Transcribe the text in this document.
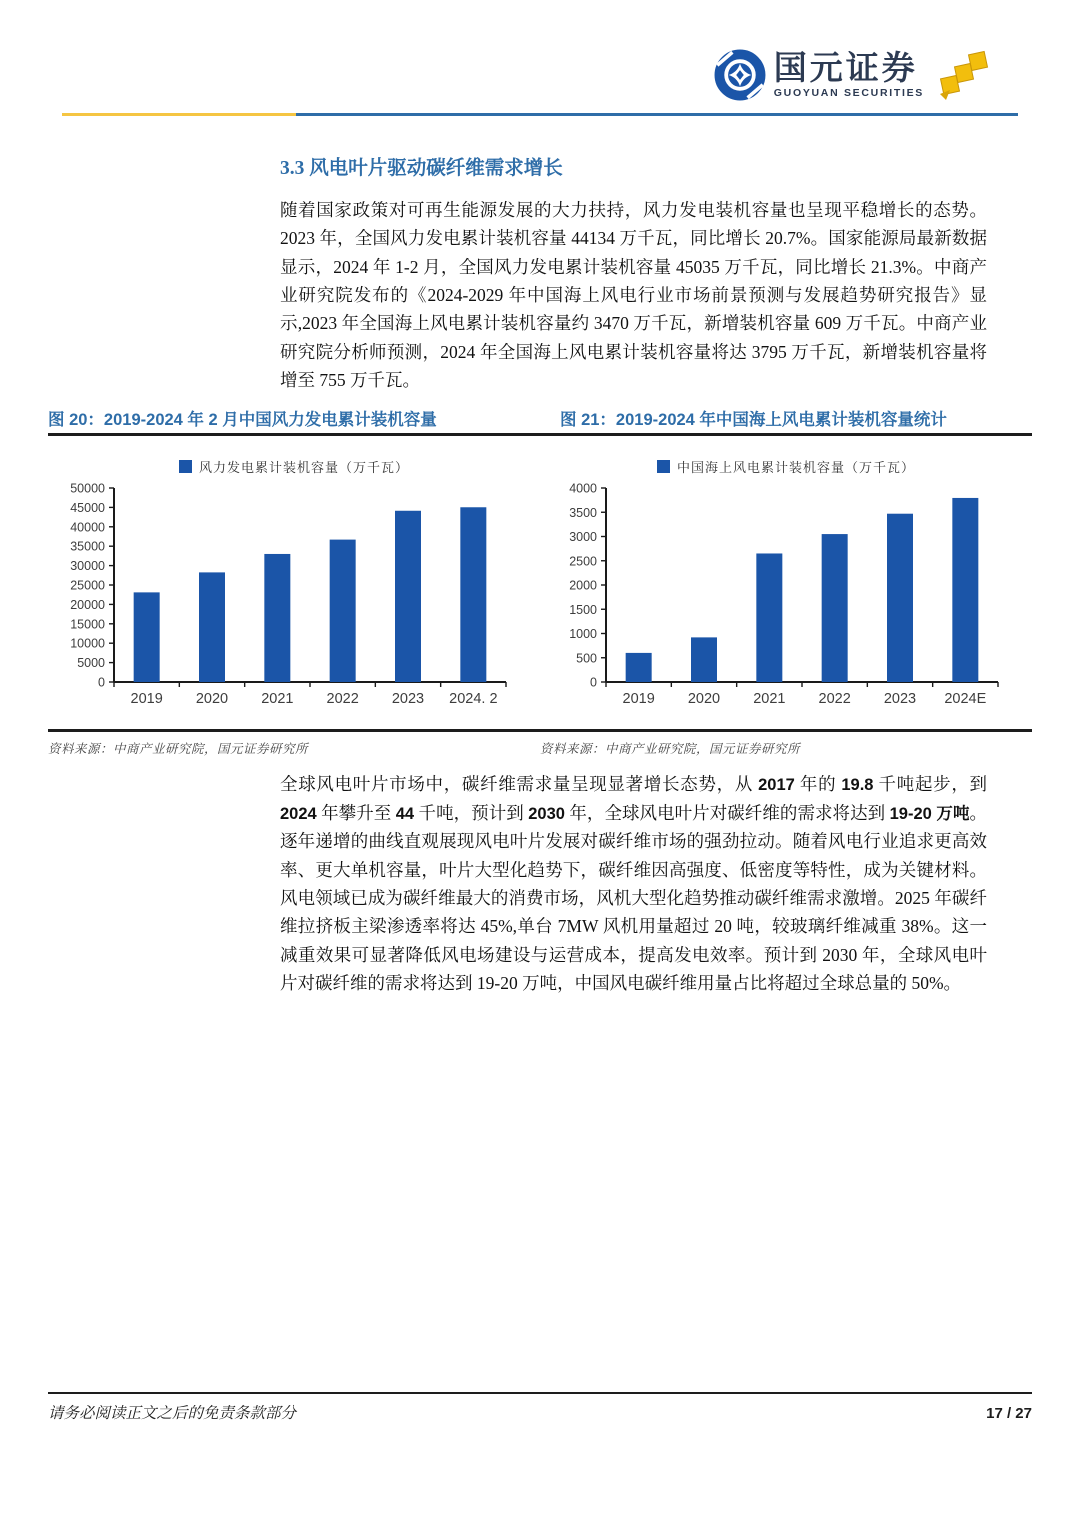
国元证券
GUOYUAN SECURITIES
3.3 风电叶片驱动碳纤维需求增长

随着国家政策对可再生能源发展的大力扶持，风力发电装机容量也呈现平稳增长的态势。2023 年，全国风力发电累计装机容量 44134 万千瓦，同比增长 20.7%。国家能源局最新数据显示，2024 年 1-2 月，全国风力发电累计装机容量 45035 万千瓦，同比增长 21.3%。中商产业研究院发布的《2024-2029 年中国海上风电行业市场前景预测与发展趋势研究报告》显示,2023 年全国海上风电累计装机容量约 3470 万千瓦，新增装机容量 609 万千瓦。中商产业研究院分析师预测，2024 年全国海上风电累计装机容量将达 3795 万千瓦，新增装机容量将增至 755 万千瓦。

图 20：2019-2024 年 2 月中国风力发电累计装机容量	图 21：2019-2024 年中国海上风电累计装机容量统计
风力发电累计装机容量（万千瓦）
0
5000
10000
15000
20000
25000
30000
35000
40000
45000
50000
2019 2020 2021 2022 2023 2024. 2
中国海上风电累计装机容量（万千瓦）
0
500
1000
1500
2000
2500
3000
3500
4000
2019 2020 2021 2022 2023 2024E
资料来源：中商产业研究院，国元证券研究所	资料来源：中商产业研究院，国元证券研究所

全球风电叶片市场中，碳纤维需求量呈现显著增长态势，从 2017 年的 19.8 千吨起步，到 2024 年攀升至 44 千吨，预计到 2030 年，全球风电叶片对碳纤维的需求将达到 19-20 万吨。逐年递增的曲线直观展现风电叶片发展对碳纤维市场的强劲拉动。随着风电行业追求更高效率、更大单机容量，叶片大型化趋势下，碳纤维因高强度、低密度等特性，成为关键材料。风电领域已成为碳纤维最大的消费市场，风机大型化趋势推动碳纤维需求激增。2025 年碳纤维拉挤板主梁渗透率将达 45%,单台 7MW 风机用量超过 20 吨，较玻璃纤维减重 38%。这一减重效果可显著降低风电场建设与运营成本，提高发电效率。预计到 2030 年，全球风电叶片对碳纤维的需求将达到 19-20 万吨，中国风电碳纤维用量占比将超过全球总量的 50%。

请务必阅读正文之后的免责条款部分	17 / 27
